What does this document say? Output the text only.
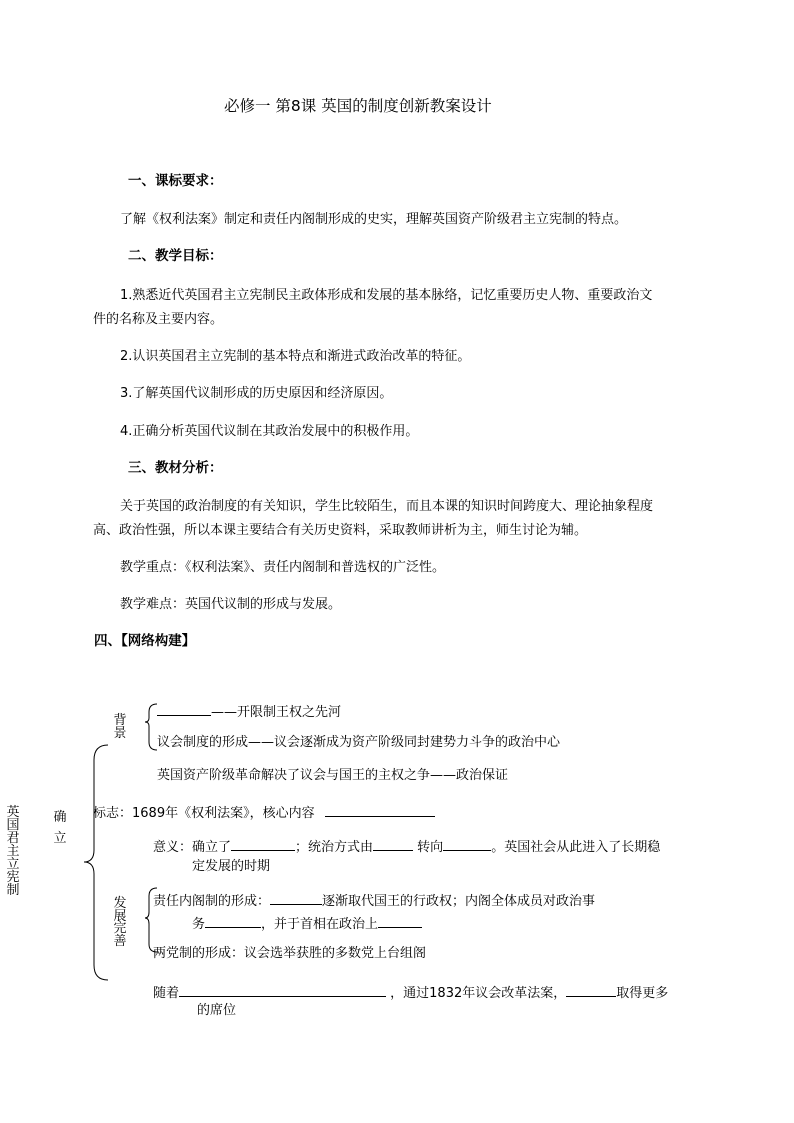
必修一 第8课 英国的制度创新教案设计
一、课标要求：
了解《权利法案》制定和责任内阁制形成的史实，理解英国资产阶级君主立宪制的特点。
二、教学目标：
1.熟悉近代英国君主立宪制民主政体形成和发展的基本脉络，记忆重要历史人物、重要政治文
件的名称及主要内容。
2.认识英国君主立宪制的基本特点和渐进式政治改革的特征。
3.了解英国代议制形成的历史原因和经济原因。
4.正确分析英国代议制在其政治发展中的积极作用。
三、教材分析：
关于英国的政治制度的有关知识，学生比较陌生，而且本课的知识时间跨度大、理论抽象程度
高、政治性强，所以本课主要结合有关历史资料，采取教师讲析为主，师生讨论为辅。
教学重点：《权利法案》、责任内阁制和普选权的广泛性。
教学难点：英国代议制的形成与发展。
四、【网络构建】
英国君主立宪制
确立
背景
发展完善
——开限制王权之先河
议会制度的形成——议会逐渐成为资产阶级同封建势力斗争的政治中心
英国资产阶级革命解决了议会与国王的主权之争——政治保证
标志：1689年《权利法案》，核心内容
意义：确立了	；统治方式由	转向	。英国社会从此进入了长期稳
定发展的时期
责任内阁制的形成：	逐渐取代国王的行政权；内阁全体成员对政治事
务	，并于首相在政治上
两党制的形成：议会选举获胜的多数党上台组阁
随着	，通过1832年议会改革法案，	取得更多
的席位
